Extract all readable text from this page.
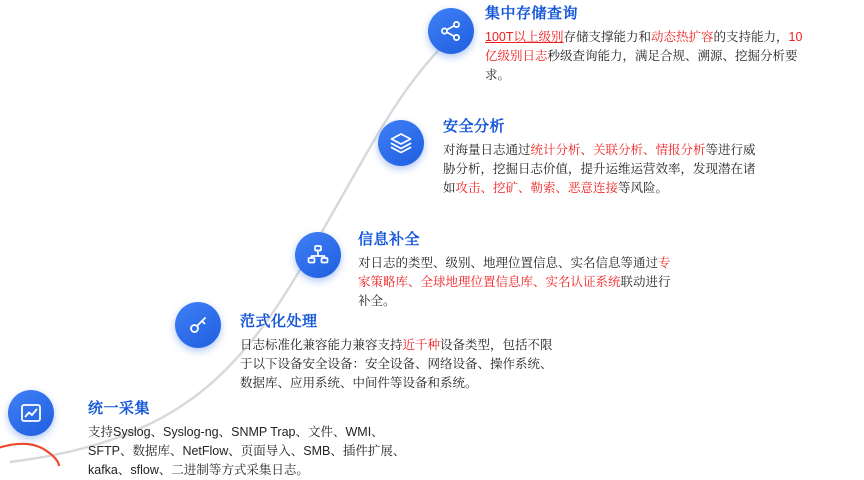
统一采集
支持Syslog、Syslog-ng、SNMP Trap、文件、WMI、
SFTP、数据库、NetFlow、页面导入、SMB、插件扩展、
kafka、sflow、二进制等方式采集日志。
范式化处理
日志标准化兼容能力兼容支持近千种设备类型，包括不限
于以下设备安全设备：安全设备、网络设备、操作系统、
数据库、应用系统、中间件等设备和系统。
信息补全
对日志的类型、级别、地理位置信息、实名信息等通过专
家策略库、全球地理位置信息库、实名认证系统联动进行
补全。
安全分析
对海量日志通过统计分析、关联分析、情报分析等进行威
胁分析，挖掘日志价值，提升运维运营效率，发现潜在诸
如攻击、挖矿、勒索、恶意连接等风险。
集中存储查询
100T以上级别存储支撑能力和动态热扩容的支持能力，10
亿级别日志秒级查询能力，满足合规、溯源、挖掘分析要
求。
